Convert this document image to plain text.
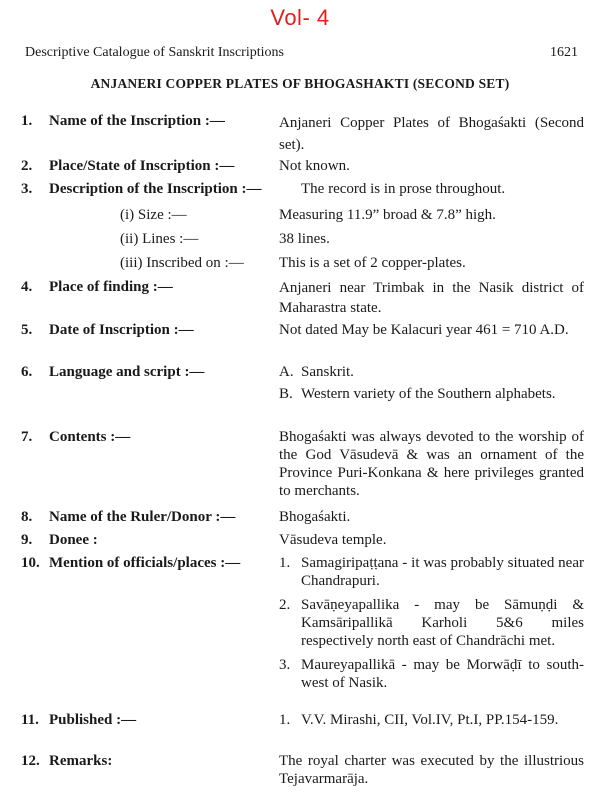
Vol- 4
Descriptive Catalogue of Sanskrit Inscriptions	1621
ANJANERI COPPER PLATES OF BHOGASHAKTI (SECOND SET)
1. Name of the Inscription :—	Anjaneri Copper Plates of Bhogaśakti (Second set).

2. Place/State of Inscription :—	Not known.
3. Description of the Inscription :—	The record is in prose throughout.
(i) Size :—	Measuring 11.9” broad & 7.8” high.
(ii) Lines :—	38 lines.
(iii) Inscribed on :— This is a set of 2 copper-plates.
4. Place of finding :—	Anjaneri near Trimbak in the Nasik district of Maharastra state.

5. Date of Inscription :—	Not dated May be Kalacuri year 461 = 710 A.D.

6. Language and script :—	A. Sanskrit.
B. Western variety of the Southern alphabets.
7. Contents :—	Bhogaśakti was always devoted to the worship of the God Vāsudevā & was an ornament of the Province Puri-Konkana & here privileges granted to merchants.

8. Name of the Ruler/Donor :—	Bhogaśakti.
9. Donee :	Vāsudeva temple.
10. Mention of officials/places :—	1. Samagiripaṭṭana - it was probably situated near Chandrapuri.
2. Savāṇeyapallika - may be Sāmuṇḍi & Kamsāripallikā Karholi 5&6 miles respectively north east of Chandrāchi met.
3. Maureyapallikā - may be Morwāḍī to south-west of Nasik.
11. Published :—	1. V.V. Mirashi, CII, Vol.IV, Pt.I, PP.154-159.
12. Remarks:	The royal charter was executed by the illustrious Tejavarmarāja.
